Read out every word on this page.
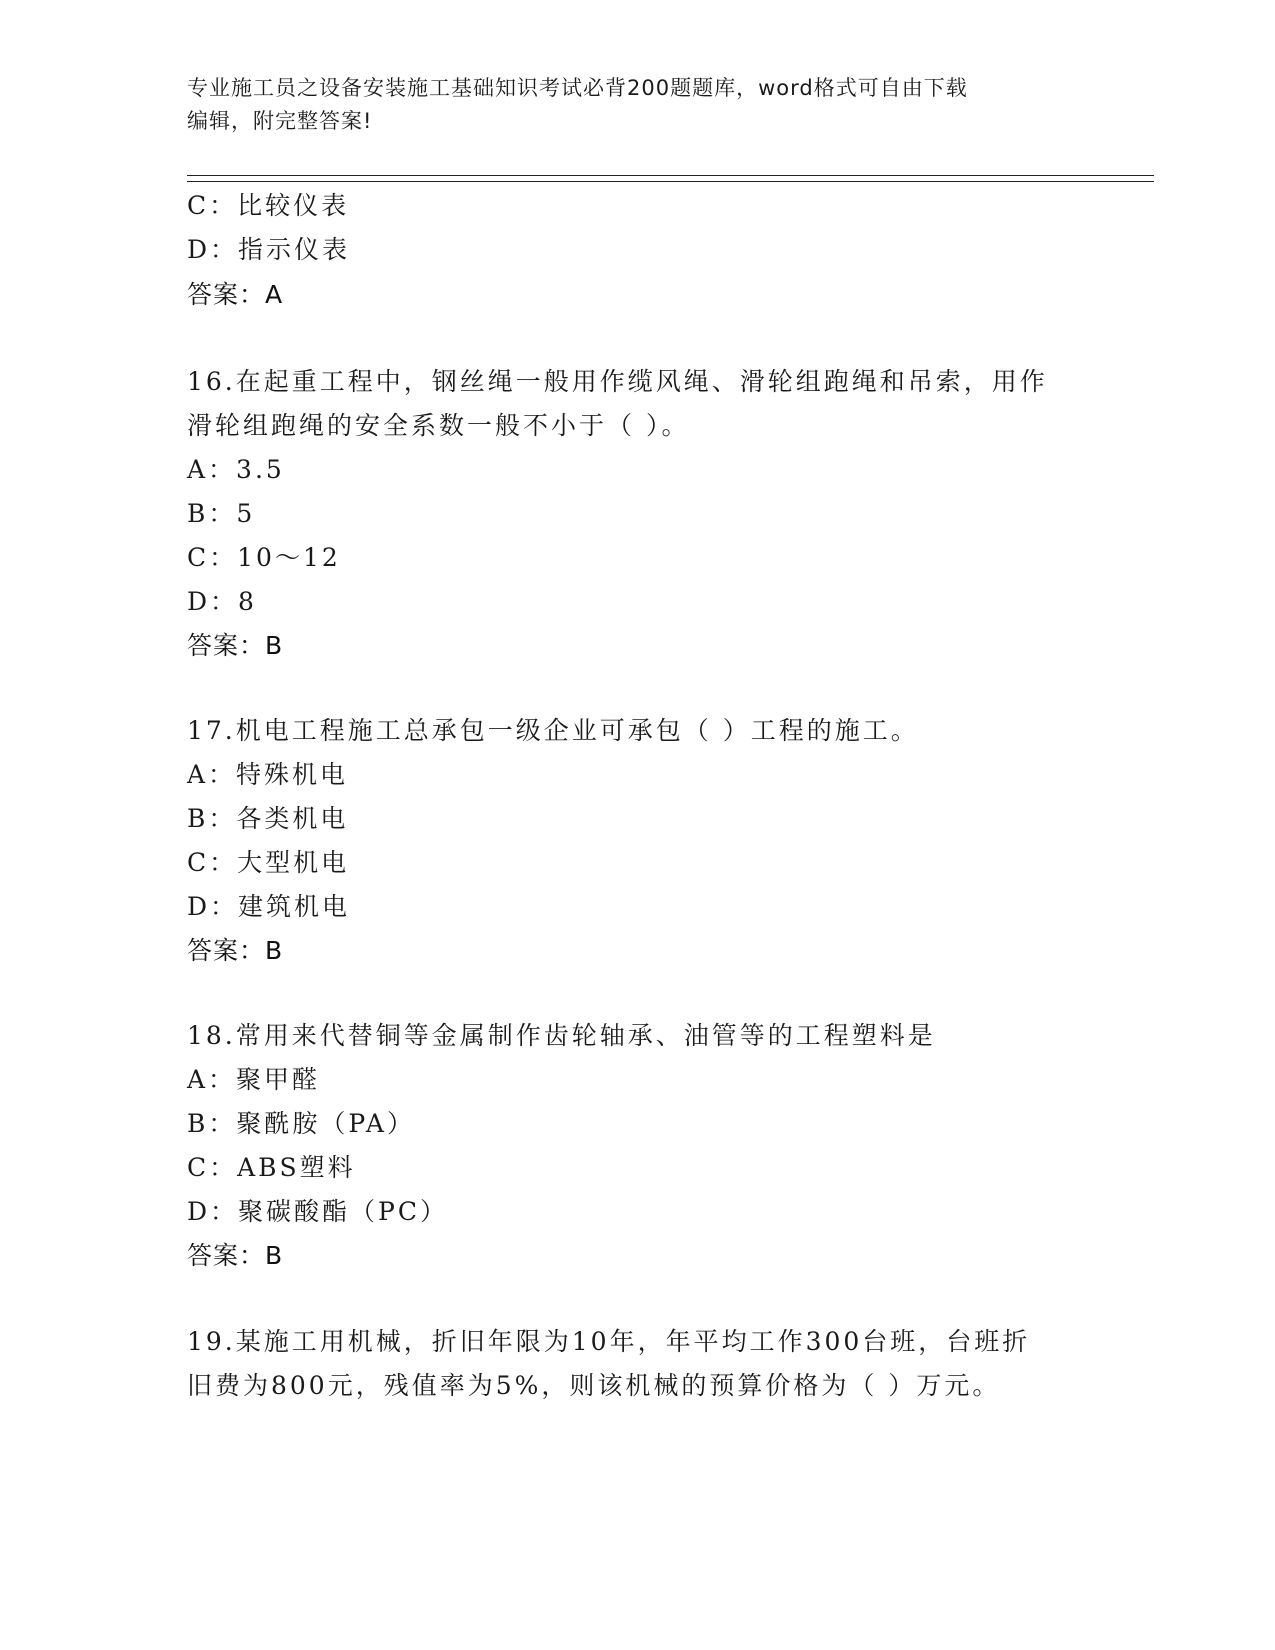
专业施工员之设备安装施工基础知识考试必背200题题库，word格式可自由下载
编辑，附完整答案!
C：比较仪表
D：指示仪表
答案：A
16.在起重工程中，钢丝绳一般用作缆风绳、滑轮组跑绳和吊索，用作
滑轮组跑绳的安全系数一般不小于（ ）。
A：3.5
B：5
C：10～12
D：8
答案：B
17.机电工程施工总承包一级企业可承包（ ）工程的施工。
A：特殊机电
B：各类机电
C：大型机电
D：建筑机电
答案：B
18.常用来代替铜等金属制作齿轮轴承、油管等的工程塑料是
A：聚甲醛
B：聚酰胺（PA）
C：ABS塑料
D：聚碳酸酯（PC）
答案：B
19.某施工用机械，折旧年限为10年，年平均工作300台班，台班折
旧费为800元，残值率为5%，则该机械的预算价格为（ ）万元。
